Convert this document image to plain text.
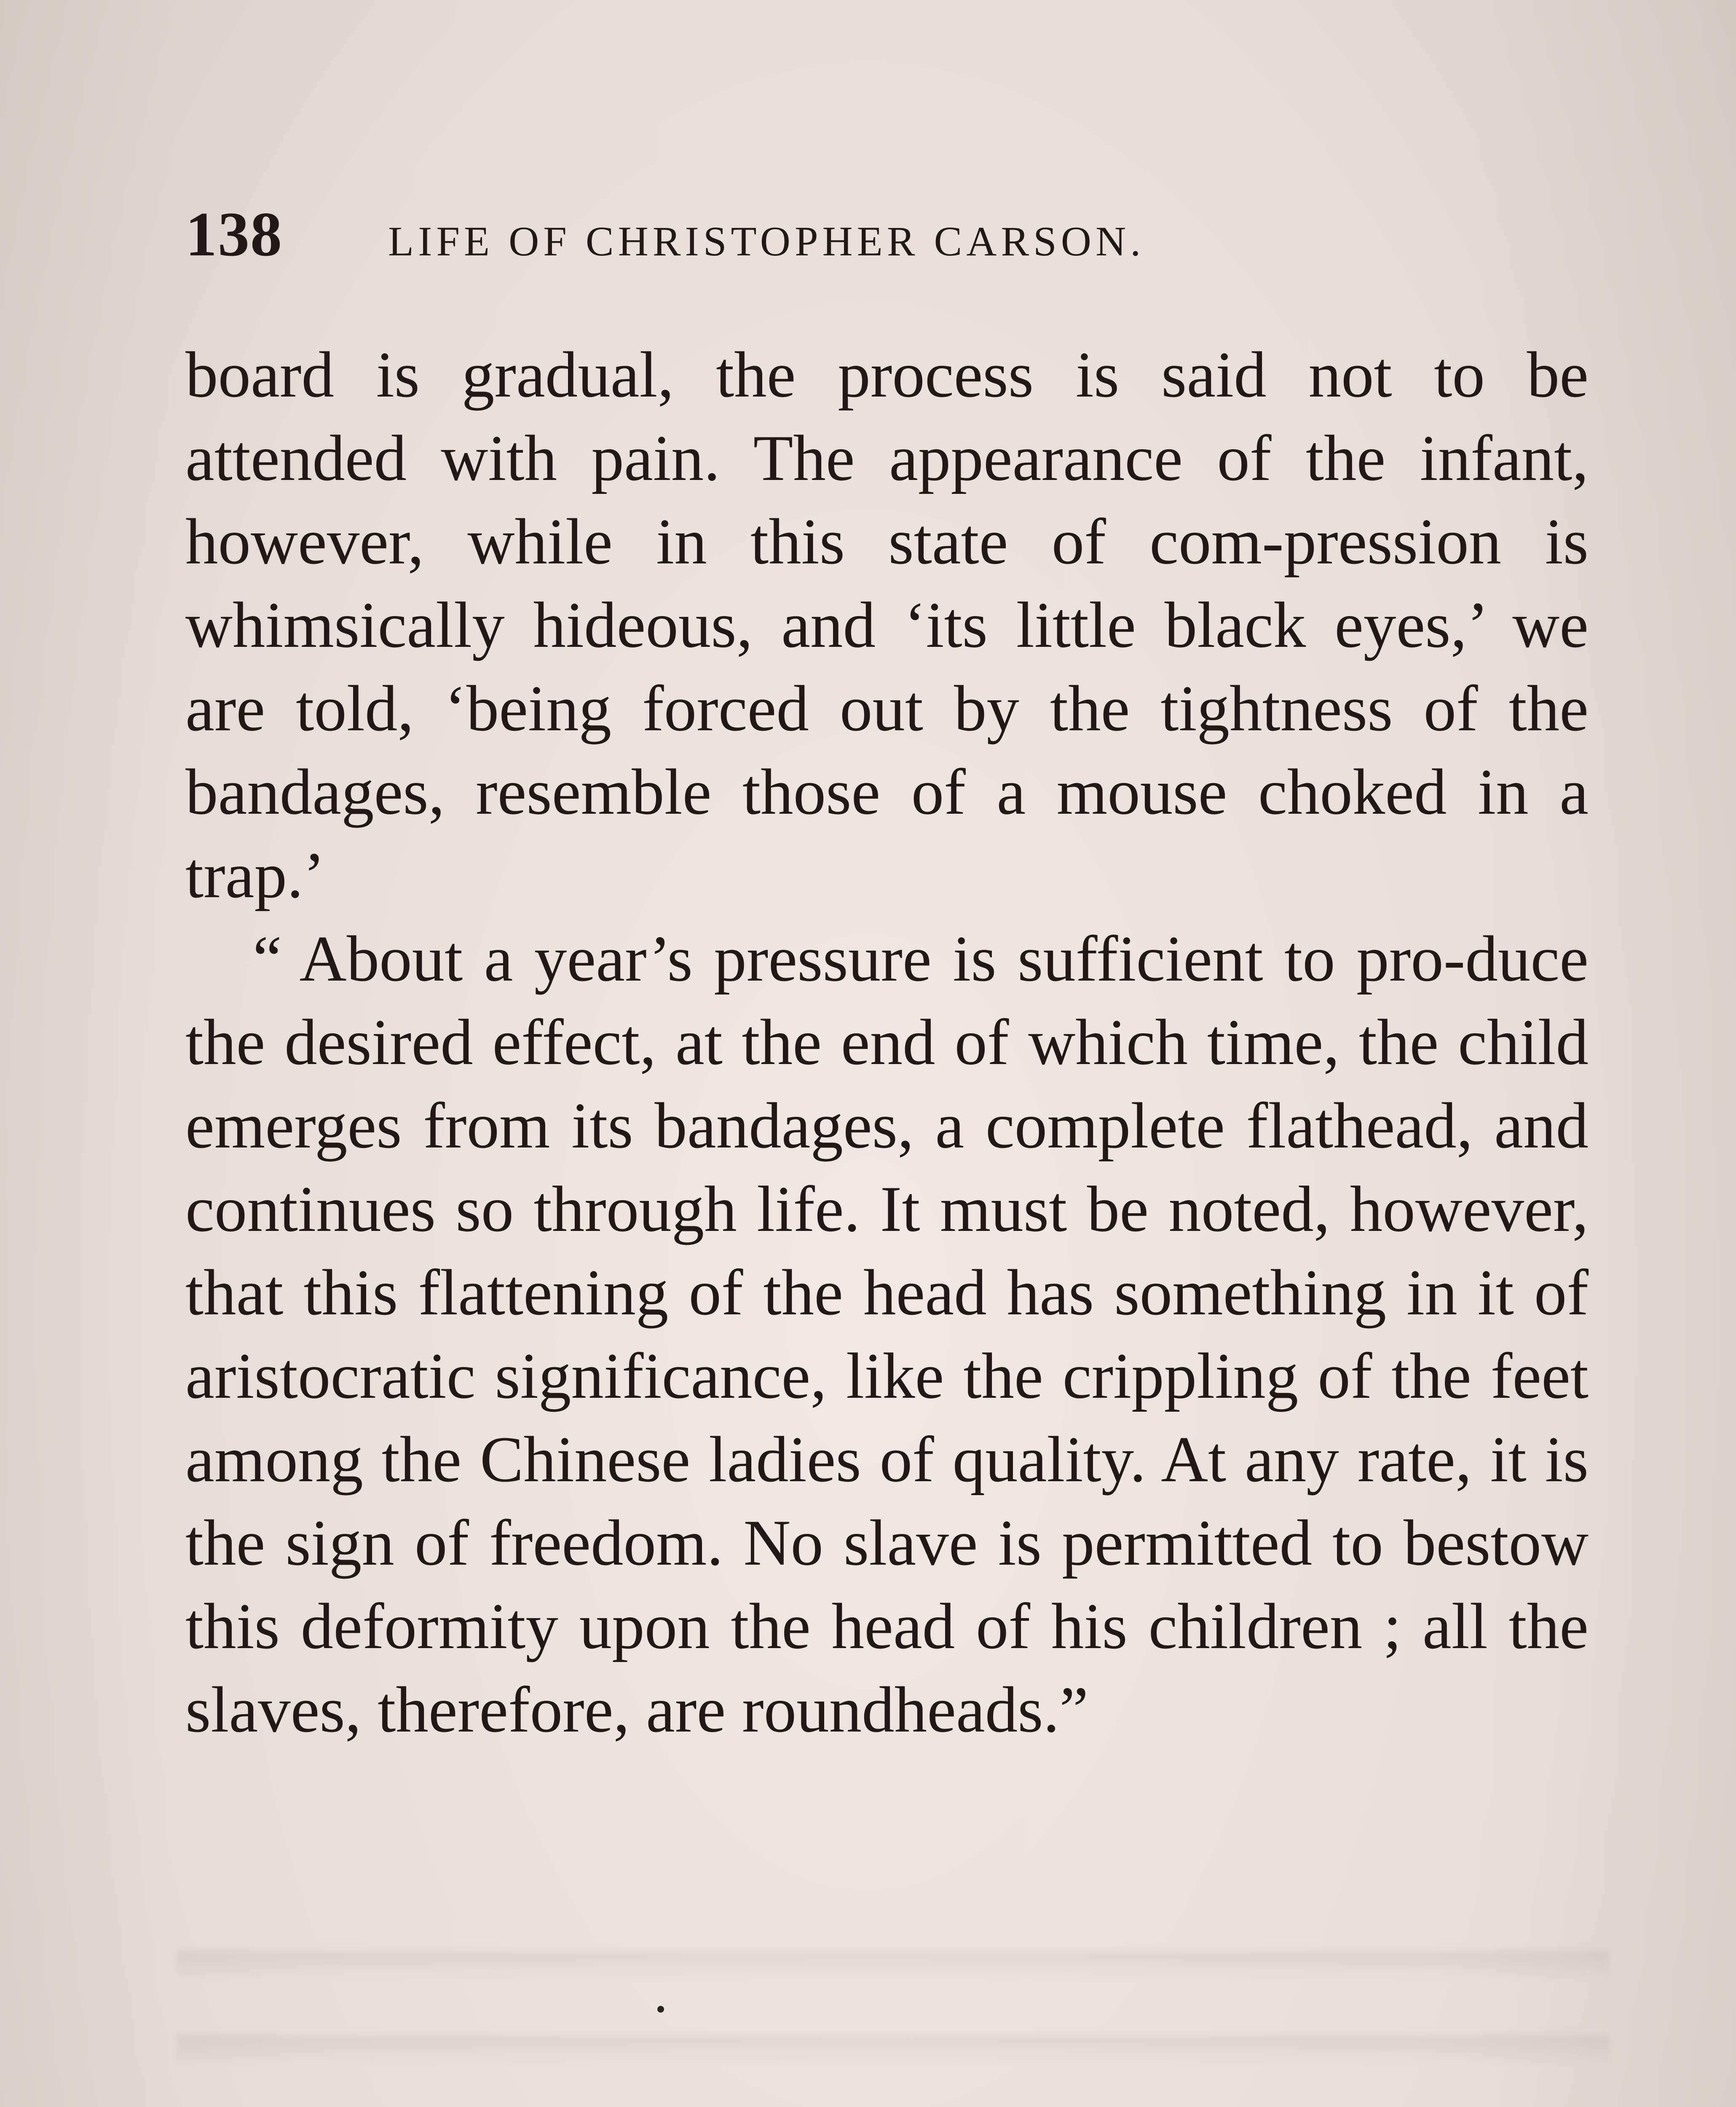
138	LIFE OF CHRISTOPHER CARSON.

board is gradual, the process is said not to be attended with pain. The appearance of the infant, however, while in this state of com-pression is whimsically hideous, and ‘its little black eyes,’ we are told, ‘being forced out by the tightness of the bandages, resemble those of a mouse choked in a trap.’

“ About a year’s pressure is sufficient to pro-duce the desired effect, at the end of which time, the child emerges from its bandages, a complete flathead, and continues so through life. It must be noted, however, that this flattening of the head has something in it of aristocratic significance, like the crippling of the feet among the Chinese ladies of quality. At any rate, it is the sign of freedom. No slave is permitted to bestow this deformity upon the head of his children ; all the slaves, therefore, are roundheads.”
